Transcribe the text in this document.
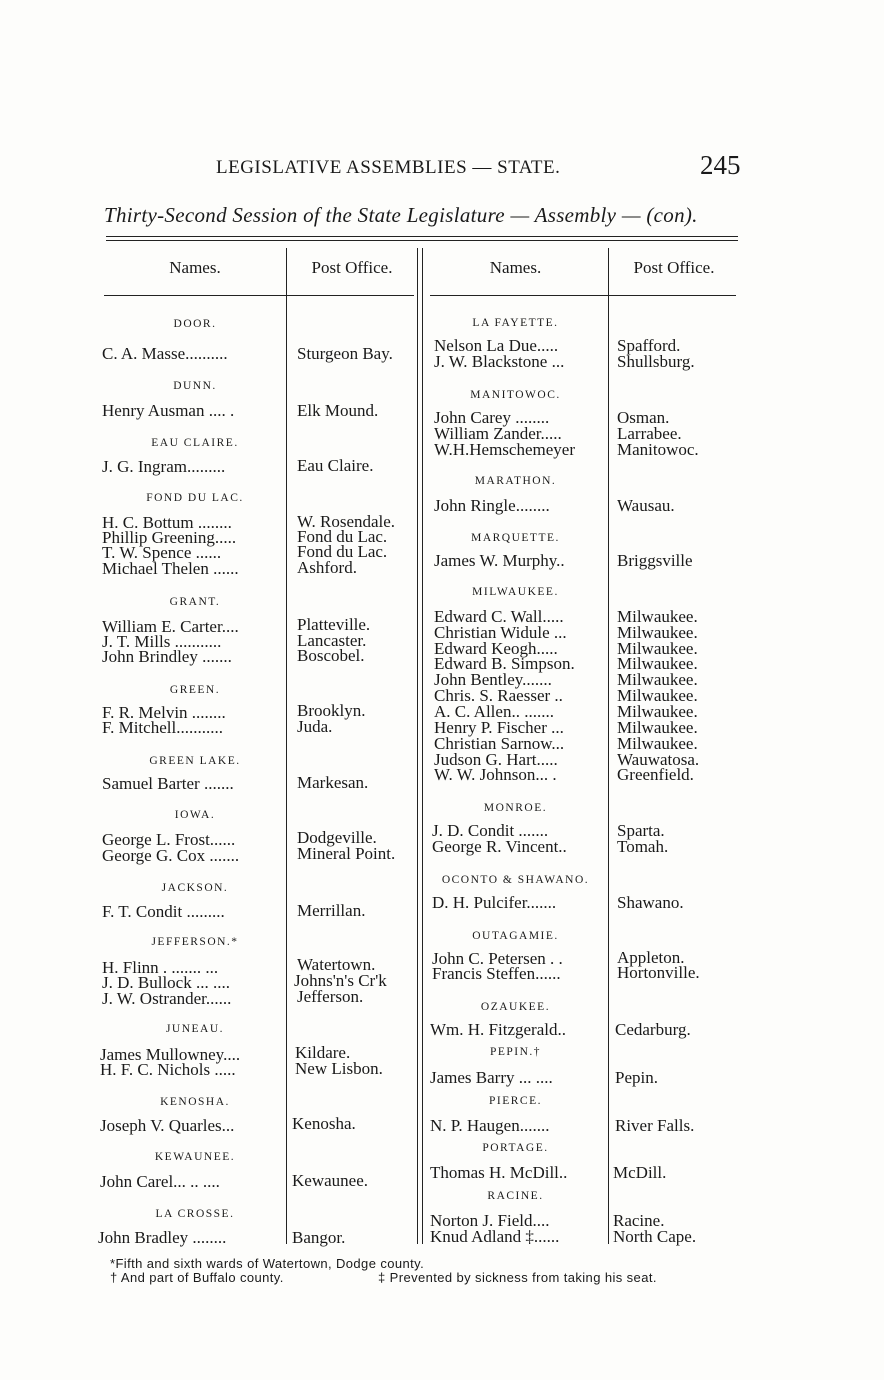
LEGISLATIVE ASSEMBLIES — STATE.	245
Thirty-Second Session of the State Legislature — Assembly — (con).
Names.	Post Office.	Names.	Post Office.
DOOR.
DUNN.
EAU CLAIRE.
FOND DU LAC.
GRANT.
GREEN.
GREEN LAKE.
IOWA.
JACKSON.
JEFFERSON.*
JUNEAU.
KENOSHA.
KEWAUNEE.
LA CROSSE.
C. A. Masse..........	Sturgeon Bay.
Henry Ausman .... .	Elk Mound.
J. G. Ingram.........	Eau Claire.
H. C. Bottum ........	W. Rosendale.
Phillip Greening.....	Fond du Lac.
T. W. Spence ......	Fond du Lac.
Michael Thelen ......	Ashford.
William E. Carter....	Platteville.
J. T. Mills ...........	Lancaster.
John Brindley .......	Boscobel.
F. R. Melvin ........	Brooklyn.
F. Mitchell...........	Juda.
Samuel Barter .......	Markesan.
George L. Frost......	Dodgeville.
George G. Cox .......	Mineral Point.
F. T. Condit .........	Merrillan.
H. Flinn . ....... ...	Watertown.
J. D. Bullock ... ....	Johns'n's Cr'k
J. W. Ostrander......	Jefferson.
James Mullowney....	Kildare.
H. F. C. Nichols .....	New Lisbon.
Joseph V. Quarles...	Kenosha.
John Carel... .. ....	Kewaunee.
John Bradley ........	Bangor.
LA FAYETTE.
MANITOWOC.
MARATHON.
MARQUETTE.
MILWAUKEE.
MONROE.
OCONTO & SHAWANO.
OUTAGAMIE.
OZAUKEE.
PEPIN.†
PIERCE.
PORTAGE.
RACINE.
Nelson La Due.....	Spafford.
J. W. Blackstone ...	Shullsburg.
John Carey ........	Osman.
William Zander.....	Larrabee.
W.H.Hemschemeyer Manitowoc.
John Ringle........	Wausau.
James W. Murphy..	Briggsville
Edward C. Wall.....	Milwaukee.
Christian Widule ...	Milwaukee.
Edward Keogh.....	Milwaukee.
Edward B. Simpson. Milwaukee.
John Bentley.......	Milwaukee.
Chris. S. Raesser ..	Milwaukee.
A. C. Allen.. .......	Milwaukee.
Henry P. Fischer ...	Milwaukee.
Christian Sarnow...	Milwaukee.
Judson G. Hart.....	Wauwatosa.
W. W. Johnson... .	Greenfield.
J. D. Condit .......	Sparta.
George R. Vincent..	Tomah.
D. H. Pulcifer.......	Shawano.
John C. Petersen . .	Appleton.
Francis Steffen......	Hortonville.
Wm. H. Fitzgerald..	Cedarburg.
James Barry ... ....	Pepin.
N. P. Haugen.......	River Falls.
Thomas H. McDill..	McDill.
Norton J. Field....	Racine.
Knud Adland ‡......	North Cape.
*Fifth and sixth wards of Watertown, Dodge county.
† And part of Buffalo county.	‡ Prevented by sickness from taking his seat.
